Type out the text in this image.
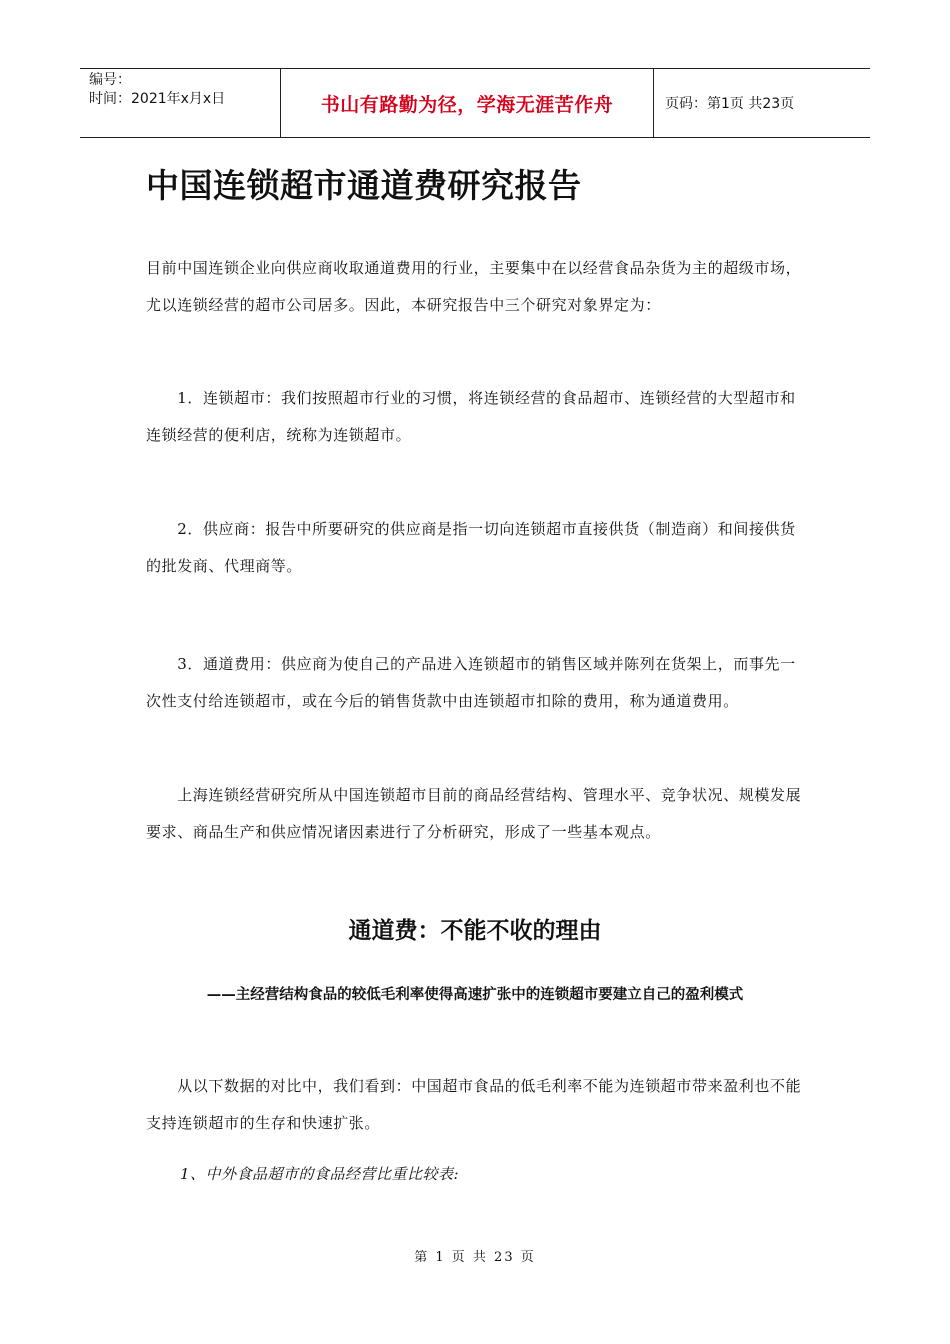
编号：
时间：2021年x月x日	书山有路勤为径，学海无涯苦作舟	页码：第1页 共23页
中国连锁超市通道费研究报告

目前中国连锁企业向供应商收取通道费用的行业，主要集中在以经营食品杂货为主的超级市场，尤以连锁经营的超市公司居多。因此，本研究报告中三个研究对象界定为：

　　1．连锁超市：我们按照超市行业的习惯，将连锁经营的食品超市、连锁经营的大型超市和连锁经营的便利店，统称为连锁超市。

　　2．供应商：报告中所要研究的供应商是指一切向连锁超市直接供货（制造商）和间接供货的批发商、代理商等。

　　3．通道费用：供应商为使自己的产品进入连锁超市的销售区域并陈列在货架上，而事先一次性支付给连锁超市，或在今后的销售货款中由连锁超市扣除的费用，称为通道费用。

　　上海连锁经营研究所从中国连锁超市目前的商品经营结构、管理水平、竞争状况、规模发展要求、商品生产和供应情况诸因素进行了分析研究，形成了一些基本观点。

通道费：不能不收的理由

——主经营结构食品的较低毛利率使得高速扩张中的连锁超市要建立自己的盈利模式

　　从以下数据的对比中，我们看到：中国超市食品的低毛利率不能为连锁超市带来盈利也不能支持连锁超市的生存和快速扩张。

1、中外食品超市的食品经营比重比较表:

第 1 页 共 23 页
